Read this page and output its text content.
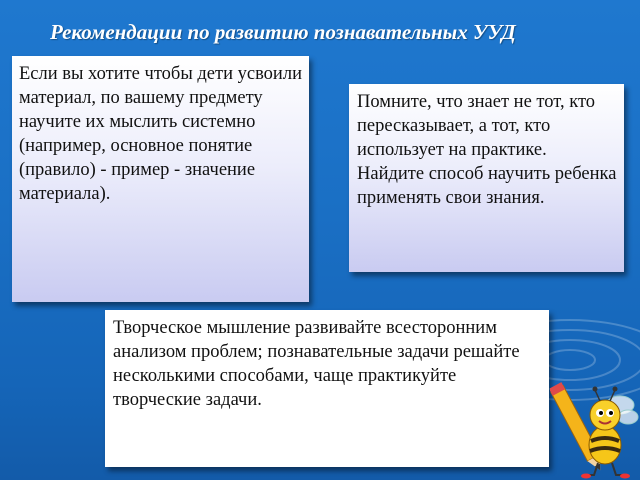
Рекомендации по развитию познавательных УУД
Если вы хотите чтобы дети усвоили материал, по вашему предмету научите их мыслить системно (например, основное понятие (правило) - пример - значение материала).
Помните, что знает не тот, кто пересказывает, а тот, кто использует на практике. Найдите способ научить ребенка применять свои знания.
Творческое мышление развивайте всесторонним анализом проблем; познавательные задачи решайте несколькими способами, чаще практикуйте творческие задачи.
